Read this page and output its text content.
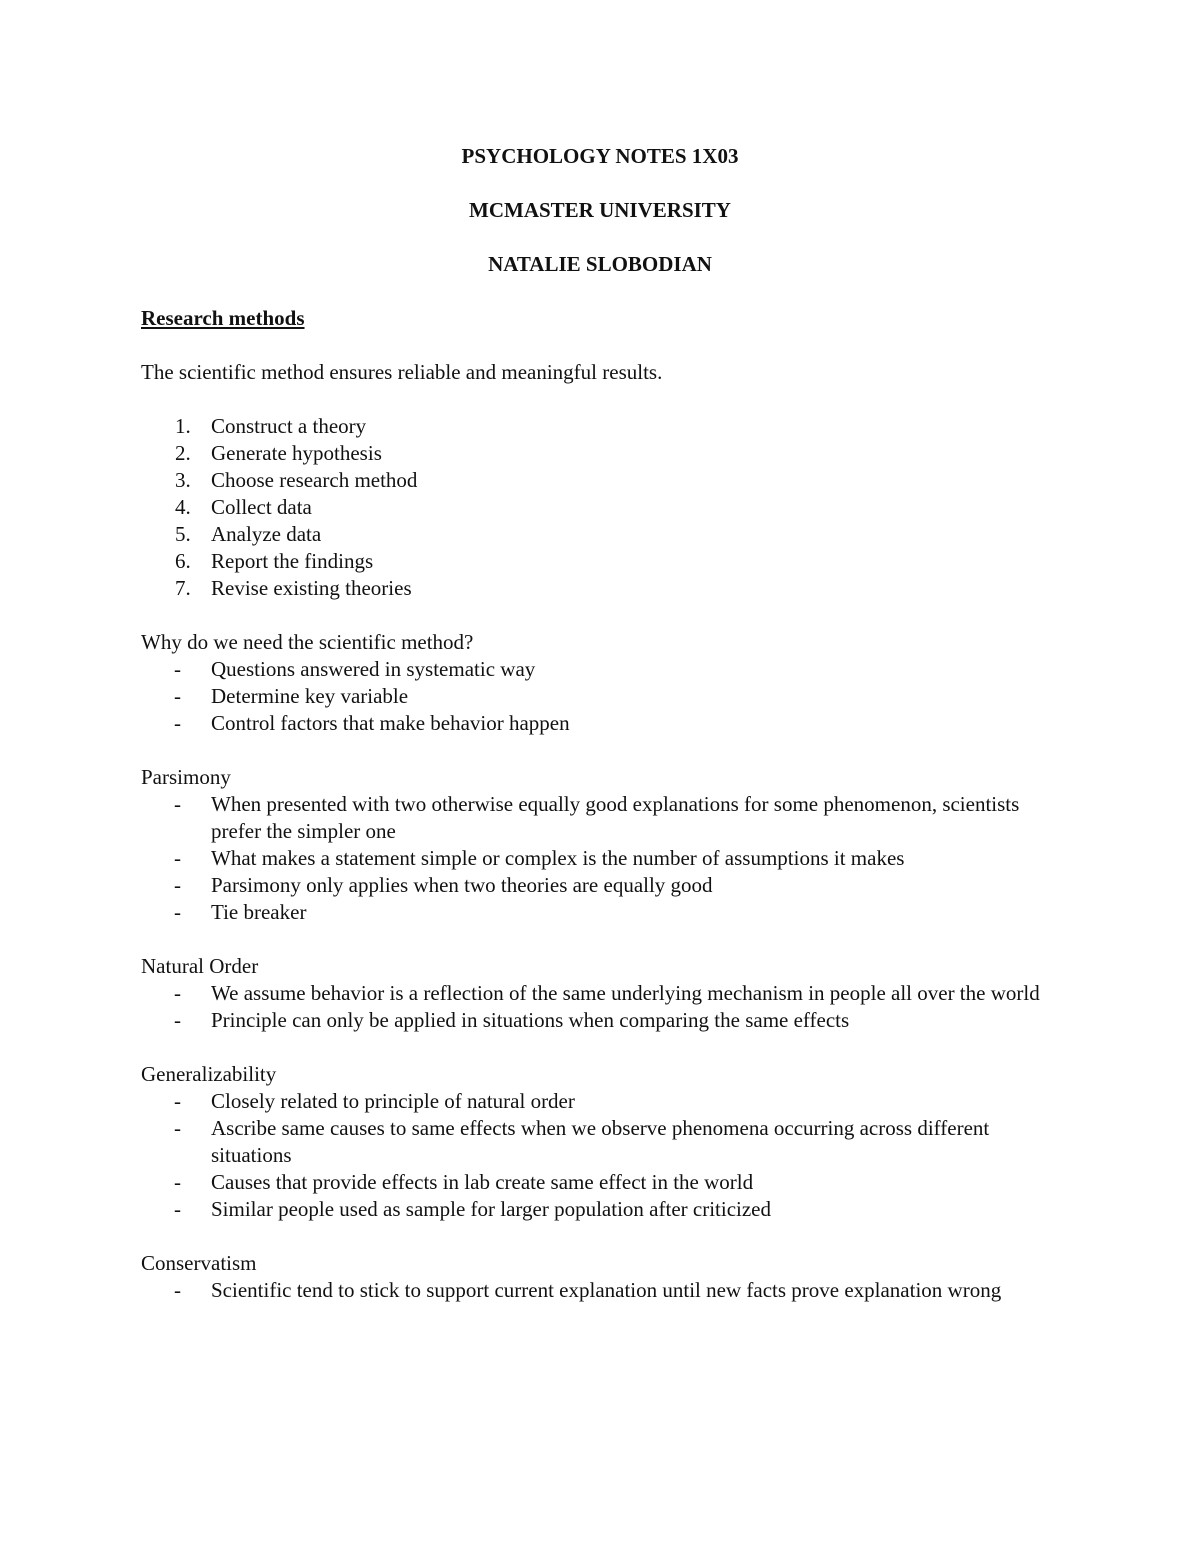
PSYCHOLOGY NOTES 1X03
MCMASTER UNIVERSITY
NATALIE SLOBODIAN

Research methods

The scientific method ensures reliable and meaningful results.

1. Construct a theory
2. Generate hypothesis
3. Choose research method
4. Collect data
5. Analyze data
6. Report the findings
7. Revise existing theories

Why do we need the scientific method?

-	Questions answered in systematic way
-	Determine key variable
-	Control factors that make behavior happen

Parsimony

-	When presented with two otherwise equally good explanations for some phenomenon, scientists prefer the simpler one
-	What makes a statement simple or complex is the number of assumptions it makes
-	Parsimony only applies when two theories are equally good
-	Tie breaker

Natural Order

-	We assume behavior is a reflection of the same underlying mechanism in people all over the world
-	Principle can only be applied in situations when comparing the same effects

Generalizability

-	Closely related to principle of natural order
-	Ascribe same causes to same effects when we observe phenomena occurring across different situations
-	Causes that provide effects in lab create same effect in the world
-	Similar people used as sample for larger population after criticized

Conservatism

-	Scientific tend to stick to support current explanation until new facts prove explanation wrong
